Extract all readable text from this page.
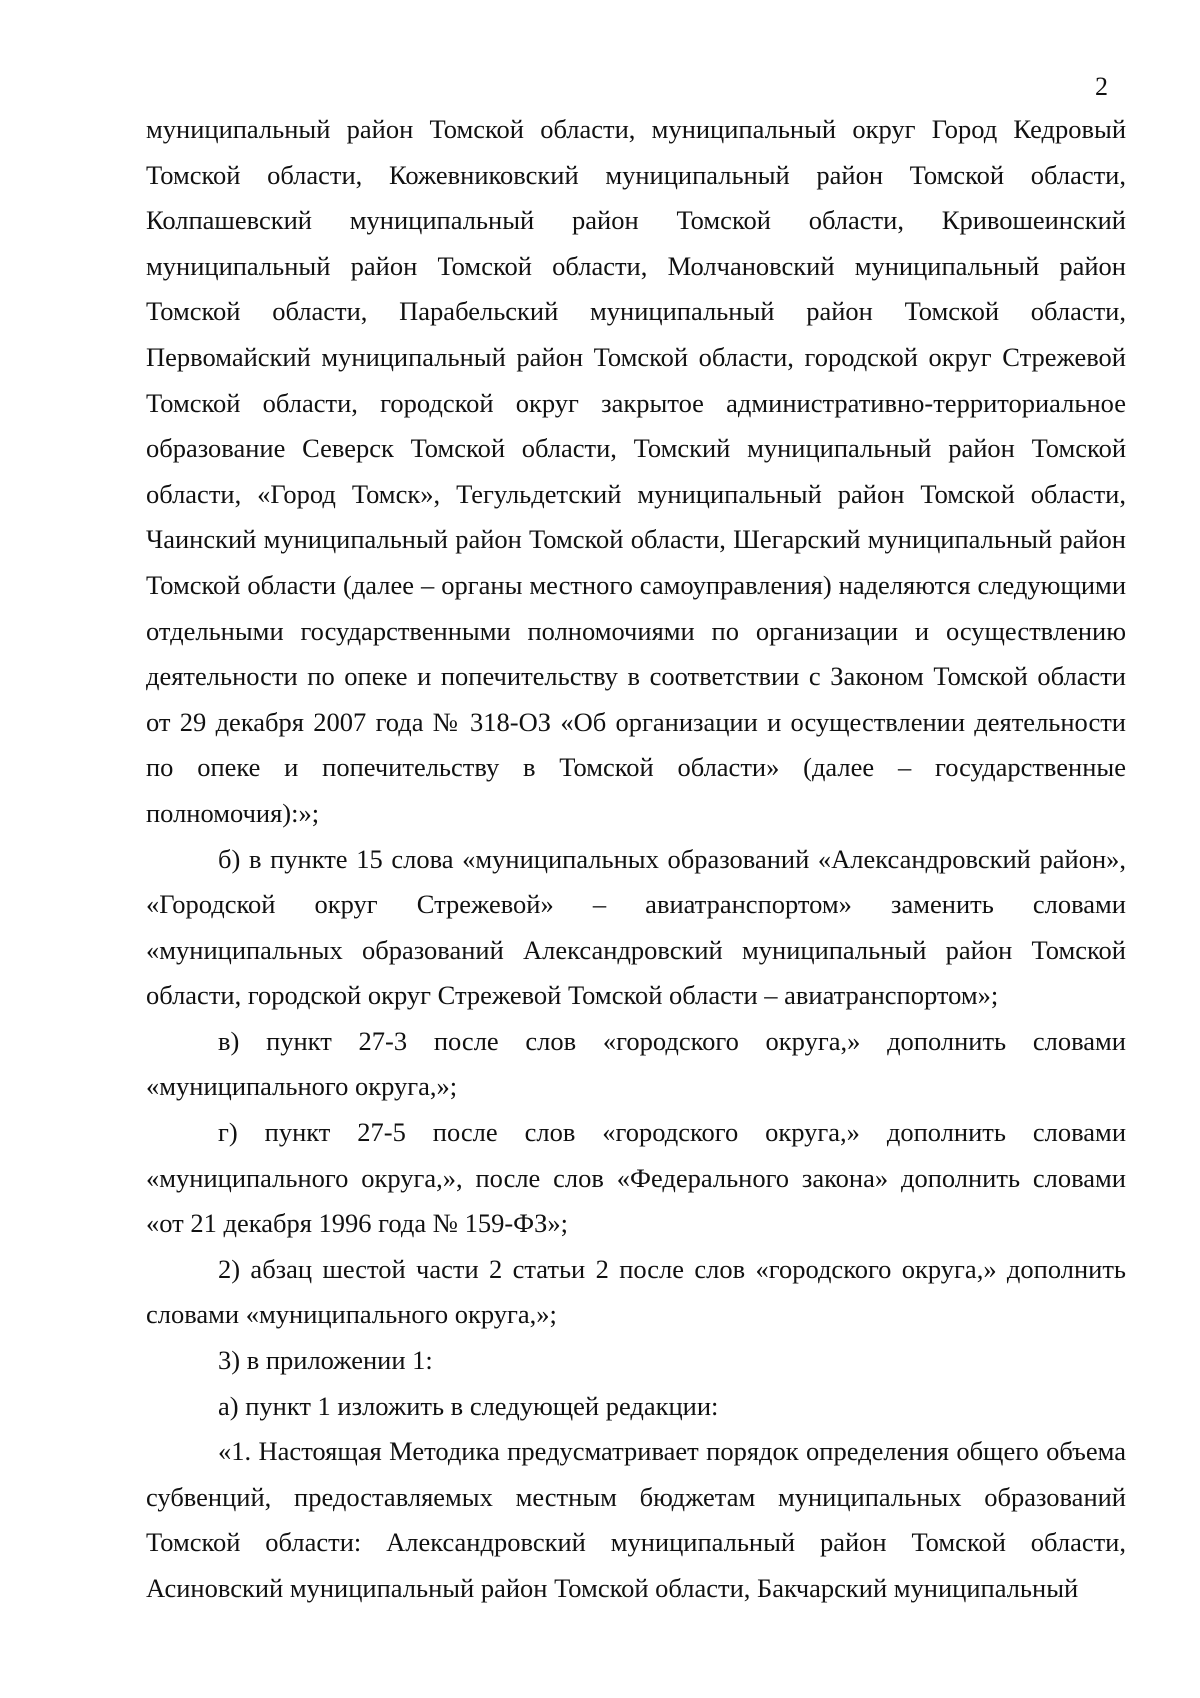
2

муниципальный район Томской области, муниципальный округ Город Кедровый Томской области, Кожевниковский муниципальный район Томской области, Колпашевский муниципальный район Томской области, Кривошеинский муниципальный район Томской области, Молчановский муниципальный район Томской области, Парабельский муниципальный район Томской области, Первомайский муниципальный район Томской области, городской округ Стрежевой Томской области, городской округ закрытое административно-территориальное образование Северск Томской области, Томский муниципальный район Томской области, «Город Томск», Тегульдетский муниципальный район Томской области, Чаинский муниципальный район Томской области, Шегарский муниципальный район Томской области (далее – органы местного самоуправления) наделяются следующими отдельными государственными полномочиями по организации и осуществлению деятельности по опеке и попечительству в соответствии с Законом Томской области от 29 декабря 2007 года № 318-ОЗ «Об организации и осуществлении деятельности по опеке и попечительству в Томской области» (далее – государственные полномочия):»;

б) в пункте 15 слова «муниципальных образований «Александровский район», «Городской округ Стрежевой» – авиатранспортом» заменить словами «муниципальных образований Александровский муниципальный район Томской области, городской округ Стрежевой Томской области – авиатранспортом»;

в) пункт 27-3 после слов «городского округа,» дополнить словами «муниципального округа,»;

г) пункт 27-5 после слов «городского округа,» дополнить словами «муниципального округа,», после слов «Федерального закона» дополнить словами «от 21 декабря 1996 года № 159-ФЗ»;

2) абзац шестой части 2 статьи 2 после слов «городского округа,» дополнить словами «муниципального округа,»;

3) в приложении 1:

а) пункт 1 изложить в следующей редакции:

«1. Настоящая Методика предусматривает порядок определения общего объема субвенций, предоставляемых местным бюджетам муниципальных образований Томской области: Александровский муниципальный район Томской области, Асиновский муниципальный район Томской области, Бакчарский муниципальный
